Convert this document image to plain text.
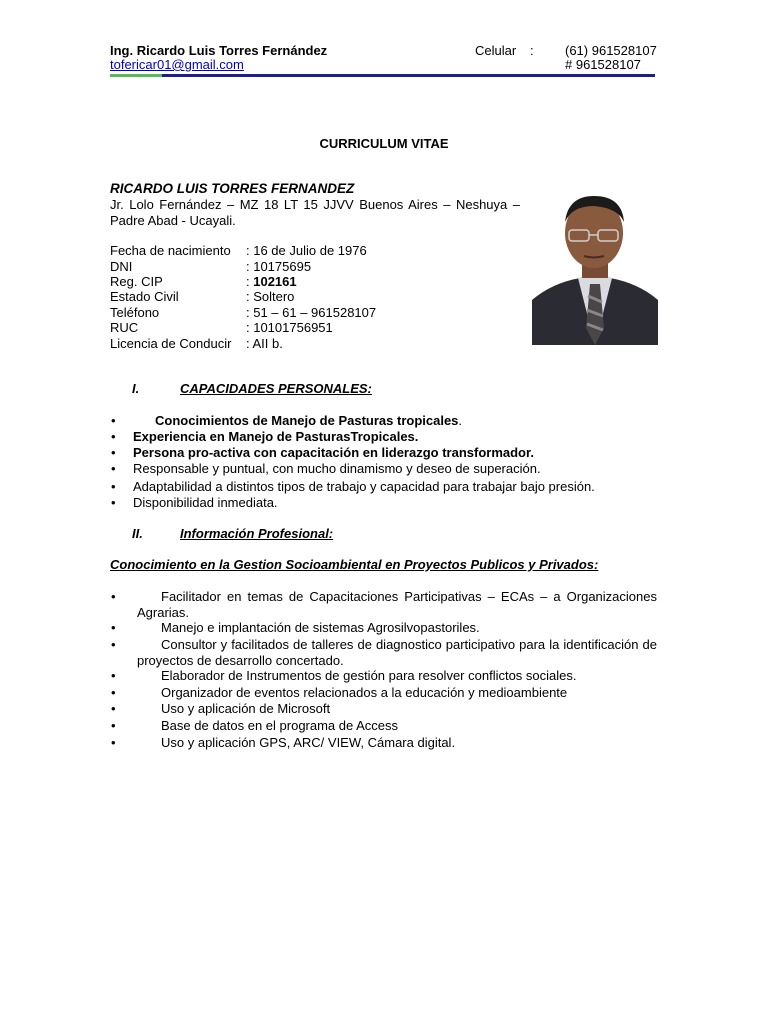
Ing. Ricardo Luis Torres Fernández
tofericar01@gmail.com
Celular : (61) 961528107
# 961528107
CURRICULUM VITAE
RICARDO LUIS TORRES FERNANDEZ
Jr. Lolo Fernández – MZ 18 LT 15 JJVV Buenos Aires – Neshuya – Padre Abad - Ucayali.
Fecha de nacimiento : 16 de Julio de 1976
DNI	: 10175695
Reg. CIP	: 102161
Estado Civil	: Soltero
Teléfono	: 51 – 61 – 961528107
RUC	: 10101756951
Licencia de Conducir : AII b.
I.	CAPACIDADES PERSONALES:
•	Conocimientos de Manejo de Pasturas tropicales.
• Experiencia en Manejo de PasturasTropicales.
• Persona pro-activa con capacitación en liderazgo transformador.
• Responsable y puntual, con mucho dinamismo y deseo de superación.
• Adaptabilidad a distintos tipos de trabajo y capacidad para trabajar bajo presión.
• Disponibilidad inmediata.
II.	Información Profesional:
Conocimiento en la Gestion Socioambiental en Proyectos Publicos y Privados:
•	Facilitador en temas de Capacitaciones Participativas – ECAs – a Organizaciones Agrarias.
•	Manejo e implantación de sistemas Agrosilvopastoriles.
•	Consultor y facilitados de talleres de diagnostico participativo para la identificación de proyectos de desarrollo concertado.
•	Elaborador de Instrumentos de gestión para resolver conflictos sociales.
•	Organizador de eventos relacionados a la educación y medioambiente
•	Uso y aplicación de Microsoft
•	Base de datos en el programa de Access
•	Uso y aplicación GPS, ARC/ VIEW, Cámara digital.
